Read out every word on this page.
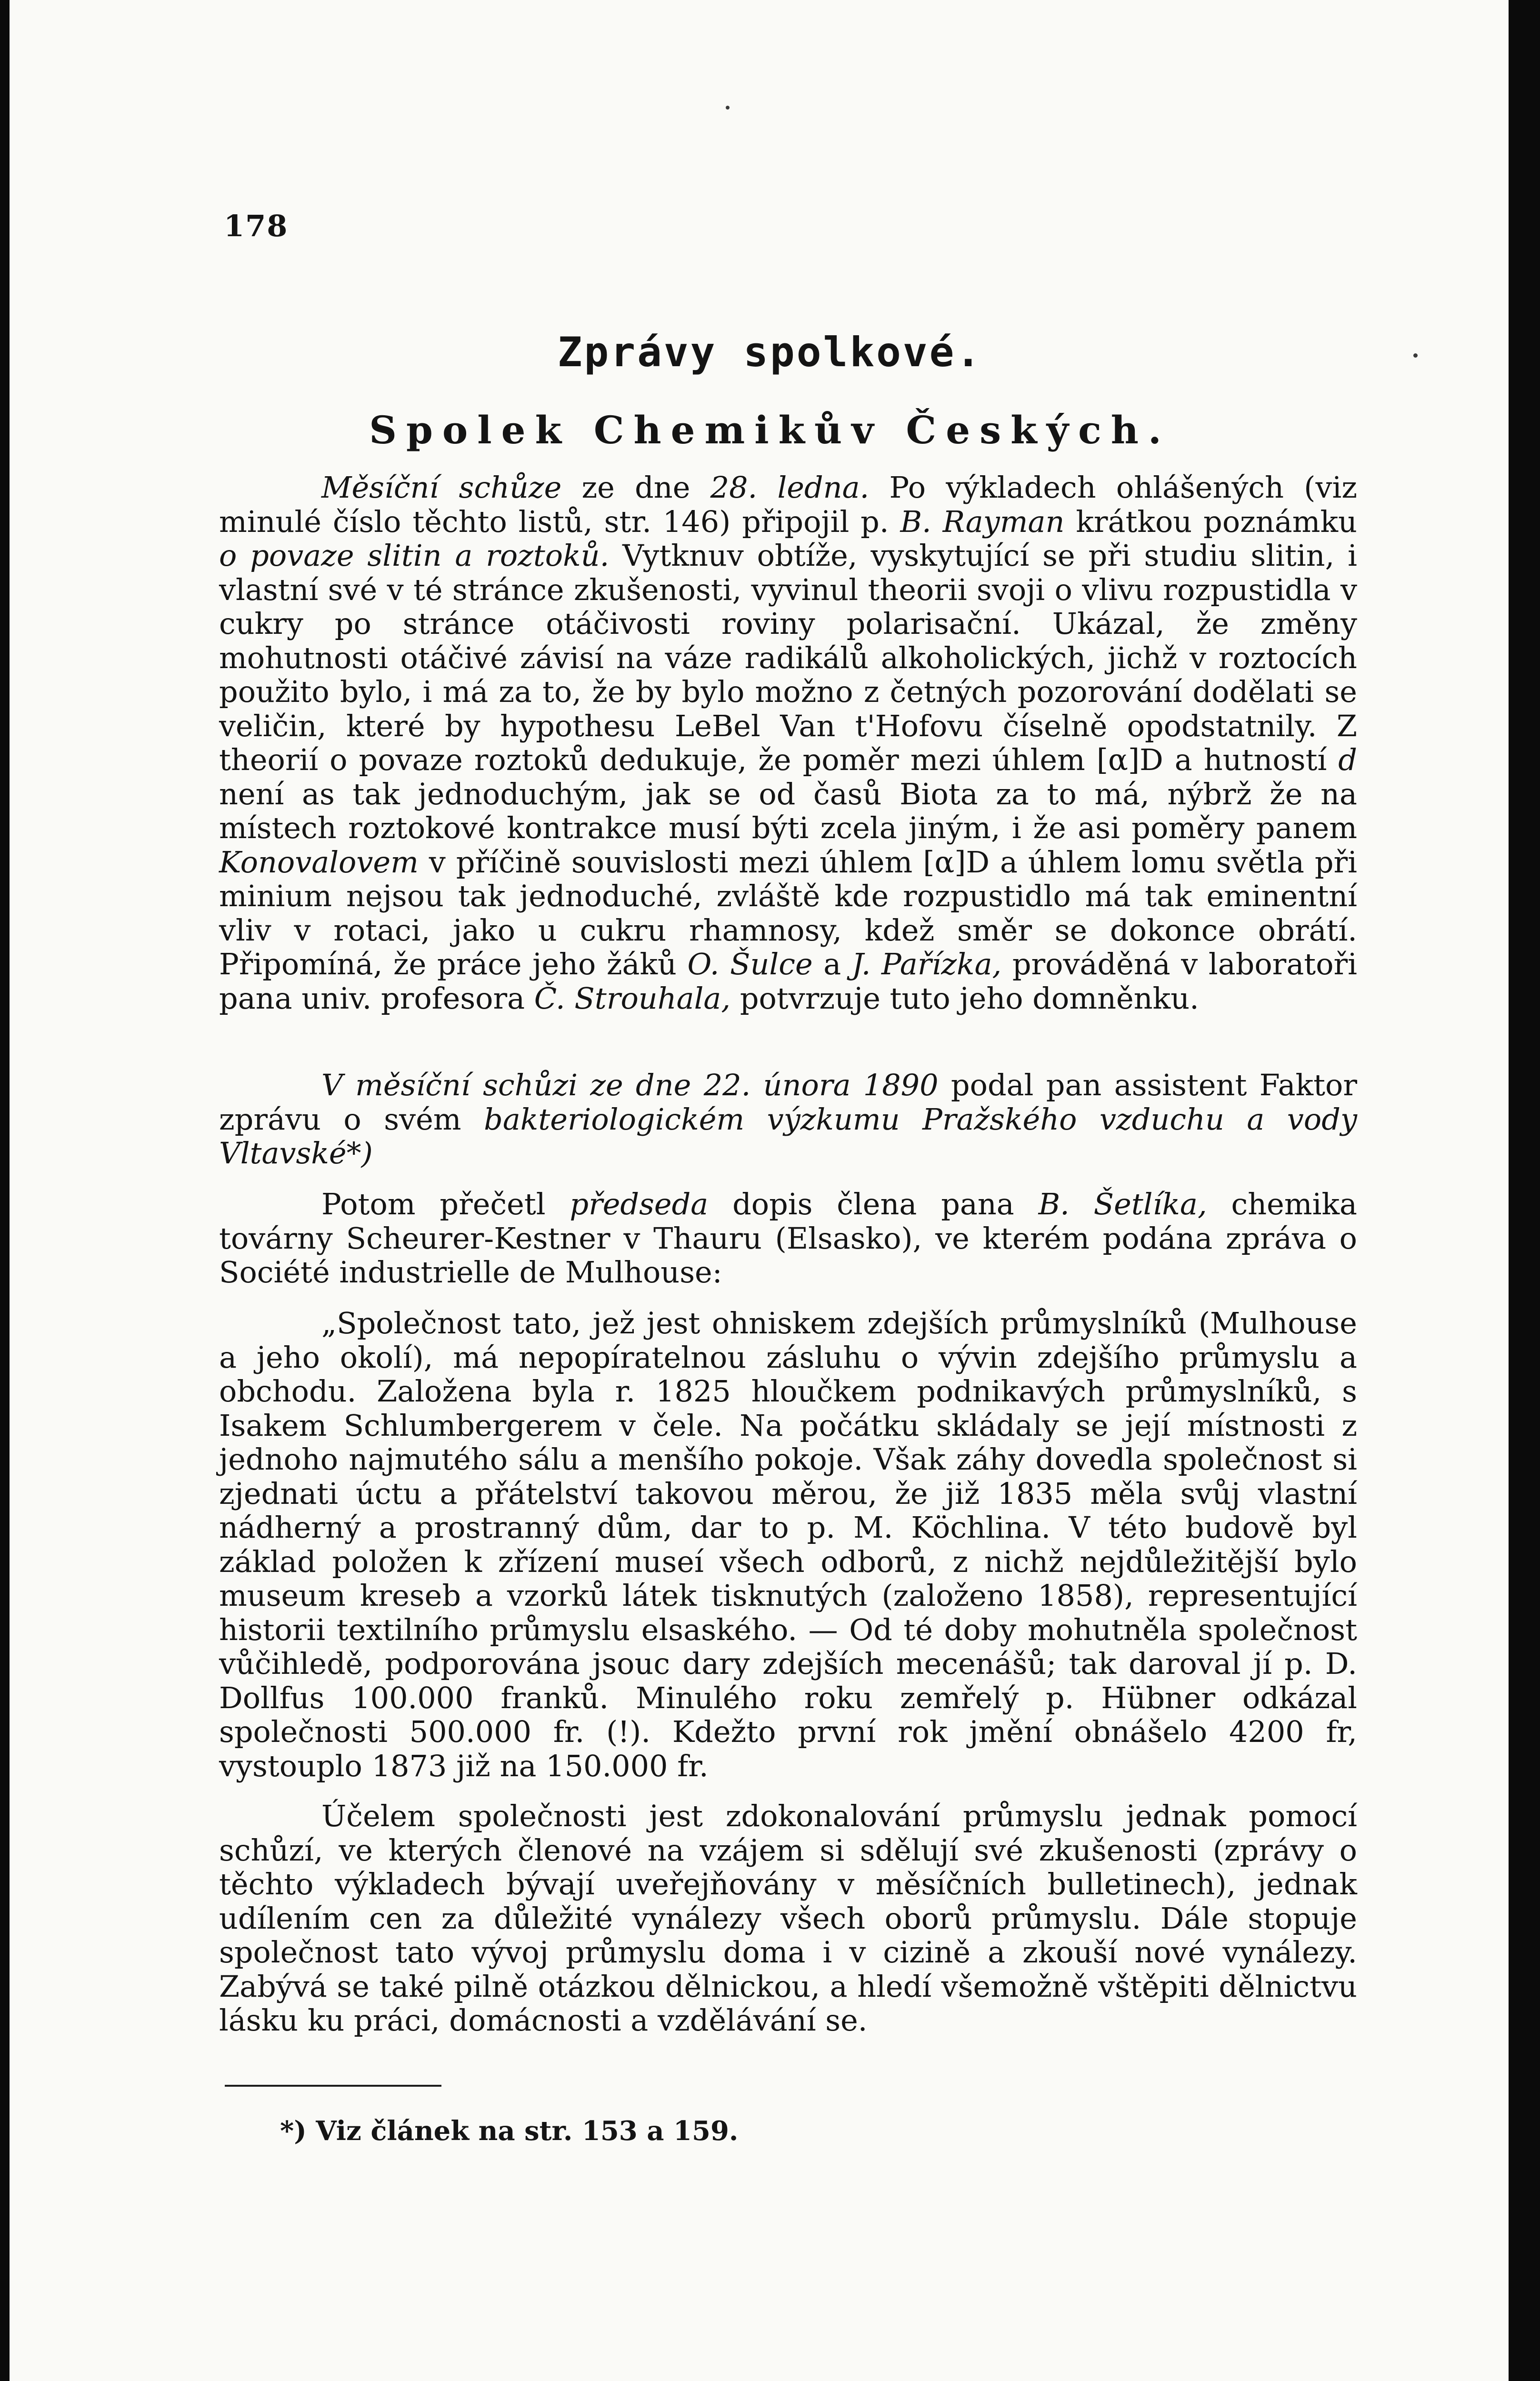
178
Zprávy spolkové.
Spolek Chemikův Českých.

Měsíční schůze ze dne 28. ledna. Po výkladech ohlášených (viz minulé číslo těchto listů, str. 146) připojil p. B. Rayman krátkou poznámku o povaze slitin a roztoků. Vytknuv obtíže, vyskytující se při studiu slitin, i vlastní své v té stránce zkušenosti, vyvinul theorii svoji o vlivu rozpustidla v cukry po stránce otáčivosti roviny polarisační. Ukázal, že změny mohutnosti otáčivé závisí na váze radikálů alkoholických, jichž v roztocích použito bylo, i má za to, že by bylo možno z četných pozorování dodělati se veličin, které by hypothesu LeBel Van t'Hofovu číselně opodstatnily. Z theorií o povaze roztoků dedukuje, že poměr mezi úhlem [α]D a hutností d není as tak jednoduchým, jak se od časů Biota za to má, nýbrž že na místech roztokové kontrakce musí býti zcela jiným, i že asi poměry panem Konovalovem v příčině souvislosti mezi úhlem [α]D a úhlem lomu světla při minium nejsou tak jednoduché, zvláště kde rozpustidlo má tak eminentní vliv v rotaci, jako u cukru rhamnosy, kdež směr se dokonce obrátí. Připomíná, že práce jeho žáků O. Šulce a J. Pařízka, prováděná v laboratoři pana univ. profesora Č. Strouhala, potvrzuje tuto jeho domněnku.

V měsíční schůzi ze dne 22. února 1890 podal pan assistent Faktor zprávu o svém bakteriologickém výzkumu Pražského vzduchu a vody Vltavské*)

Potom přečetl předseda dopis člena pana B. Šetlíka, chemika továrny Scheurer-Kestner v Thauru (Elsasko), ve kterém podána zpráva o Société industrielle de Mulhouse:

„Společnost tato, jež jest ohniskem zdejších průmyslníků (Mulhouse a jeho okolí), má nepopíratelnou zásluhu o vývin zdejšího průmyslu a obchodu. Založena byla r. 1825 hloučkem podnikavých průmyslníků, s Isakem Schlumbergerem v čele. Na počátku skládaly se její místnosti z jednoho najmutého sálu a menšího pokoje. Však záhy dovedla společnost si zjednati úctu a přátelství takovou měrou, že již 1835 měla svůj vlastní nádherný a prostranný dům, dar to p. M. Köchlina. V této budově byl základ položen k zřízení museí všech odborů, z nichž nejdůležitější bylo museum kreseb a vzorků látek tisknutých (založeno 1858), representující historii textilního průmyslu elsaského. — Od té doby mohutněla společnost vůčihledě, podporována jsouc dary zdejších mecenášů; tak daroval jí p. D. Dollfus 100.000 franků. Minulého roku zemřelý p. Hübner odkázal společnosti 500.000 fr. (!). Kdežto první rok jmění obnášelo 4200 fr, vystouplo 1873 již na 150.000 fr.

Účelem společnosti jest zdokonalování průmyslu jednak pomocí schůzí, ve kterých členové na vzájem si sdělují své zkušenosti (zprávy o těchto výkladech bývají uveřejňovány v měsíčních bulletinech), jednak udílením cen za důležité vynálezy všech oborů průmyslu. Dále stopuje společnost tato vývoj průmyslu doma i v cizině a zkouší nové vynálezy. Zabývá se také pilně otázkou dělnickou, a hledí všemožně vštěpiti dělnictvu lásku ku práci, domácnosti a vzdělávání se.

*) Viz článek na str. 153 a 159.
